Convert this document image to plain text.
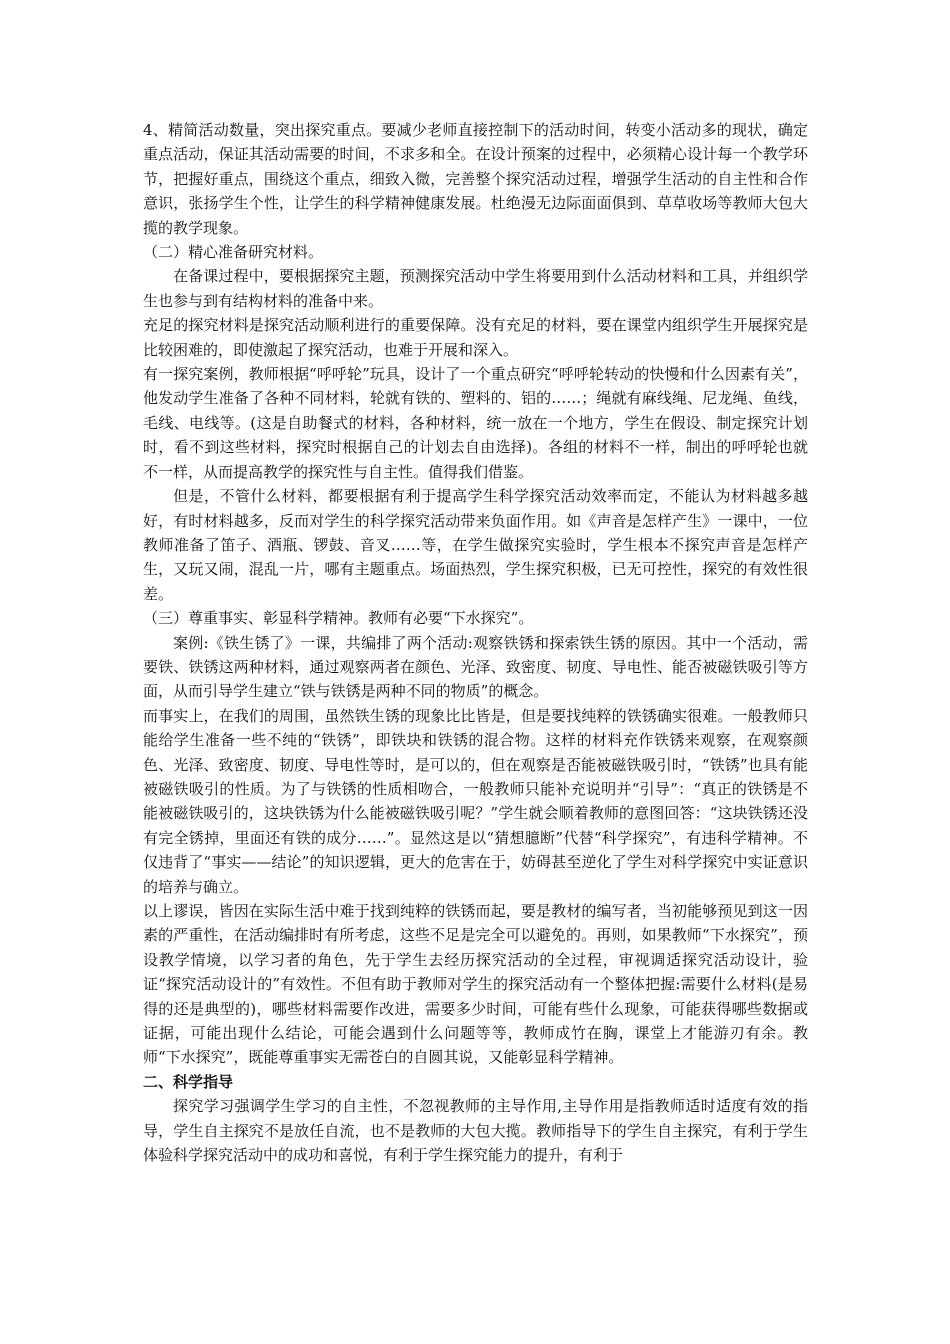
4、精简活动数量，突出探究重点。要减少老师直接控制下的活动时间，转变小活动多的现状，确定重点活动，保证其活动需要的时间，不求多和全。在设计预案的过程中，必须精心设计每一个教学环节，把握好重点，围绕这个重点，细致入微，完善整个探究活动过程，增强学生活动的自主性和合作意识，张扬学生个性，让学生的科学精神健康发展。杜绝漫无边际面面俱到、草草收场等教师大包大揽的教学现象。

（二）精心准备研究材料。

在备课过程中，要根据探究主题，预测探究活动中学生将要用到什么活动材料和工具，并组织学生也参与到有结构材料的准备中来。

充足的探究材料是探究活动顺利进行的重要保障。没有充足的材料，要在课堂内组织学生开展探究是比较困难的，即使激起了探究活动，也难于开展和深入。

有一探究案例，教师根据“呼呼轮”玩具，设计了一个重点研究“呼呼轮转动的快慢和什么因素有关”，他发动学生准备了各种不同材料，轮就有铁的、塑料的、铝的……；绳就有麻线绳、尼龙绳、鱼线，毛线、电线等。(这是自助餐式的材料，各种材料，统一放在一个地方，学生在假设、制定探究计划时，看不到这些材料，探究时根据自己的计划去自由选择)。各组的材料不一样，制出的呼呼轮也就不一样，从而提高教学的探究性与自主性。值得我们借鉴。

但是，不管什么材料，都要根据有利于提高学生科学探究活动效率而定，不能认为材料越多越好，有时材料越多，反而对学生的科学探究活动带来负面作用。如《声音是怎样产生》一课中，一位教师准备了笛子、酒瓶、锣鼓、音叉……等，在学生做探究实验时，学生根本不探究声音是怎样产生，又玩又闹，混乱一片，哪有主题重点。场面热烈，学生探究积极，已无可控性，探究的有效性很差。

（三）尊重事实、彰显科学精神。教师有必要“下水探究”。

案例:《铁生锈了》一课，共编排了两个活动:观察铁锈和探索铁生锈的原因。其中一个活动，需要铁、铁锈这两种材料，通过观察两者在颜色、光泽、致密度、韧度、导电性、能否被磁铁吸引等方面，从而引导学生建立“铁与铁锈是两种不同的物质”的概念。

而事实上，在我们的周围，虽然铁生锈的现象比比皆是，但是要找纯粹的铁锈确实很难。一般教师只能给学生准备一些不纯的“铁锈”，即铁块和铁锈的混合物。这样的材料充作铁锈来观察，在观察颜色、光泽、致密度、韧度、导电性等时，是可以的，但在观察是否能被磁铁吸引时，“铁锈”也具有能被磁铁吸引的性质。为了与铁锈的性质相吻合，一般教师只能补充说明并“引导”：“真正的铁锈是不能被磁铁吸引的，这块铁锈为什么能被磁铁吸引呢？”学生就会顺着教师的意图回答：“这块铁锈还没有完全锈掉，里面还有铁的成分……”。显然这是以“猜想臆断”代替“科学探究”，有违科学精神。不仅违背了“事实——结论”的知识逻辑，更大的危害在于，妨碍甚至逆化了学生对科学探究中实证意识的培养与确立。

以上谬误，皆因在实际生活中难于找到纯粹的铁锈而起，要是教材的编写者，当初能够预见到这一因素的严重性，在活动编排时有所考虑，这些不足是完全可以避免的。再则，如果教师“下水探究”，预设教学情境，以学习者的角色，先于学生去经历探究活动的全过程，审视调适探究活动设计，验证“探究活动设计的”有效性。不但有助于教师对学生的探究活动有一个整体把握:需要什么材料(是易得的还是典型的)，哪些材料需要作改进，需要多少时间，可能有些什么现象，可能获得哪些数据或证据，可能出现什么结论，可能会遇到什么问题等等，教师成竹在胸，课堂上才能游刃有余。教师“下水探究”，既能尊重事实无需苍白的自圆其说，又能彰显科学精神。

二、科学指导

探究学习强调学生学习的自主性，不忽视教师的主导作用,主导作用是指教师适时适度有效的指导，学生自主探究不是放任自流，也不是教师的大包大揽。教师指导下的学生自主探究，有利于学生体验科学探究活动中的成功和喜悦，有利于学生探究能力的提升，有利于
